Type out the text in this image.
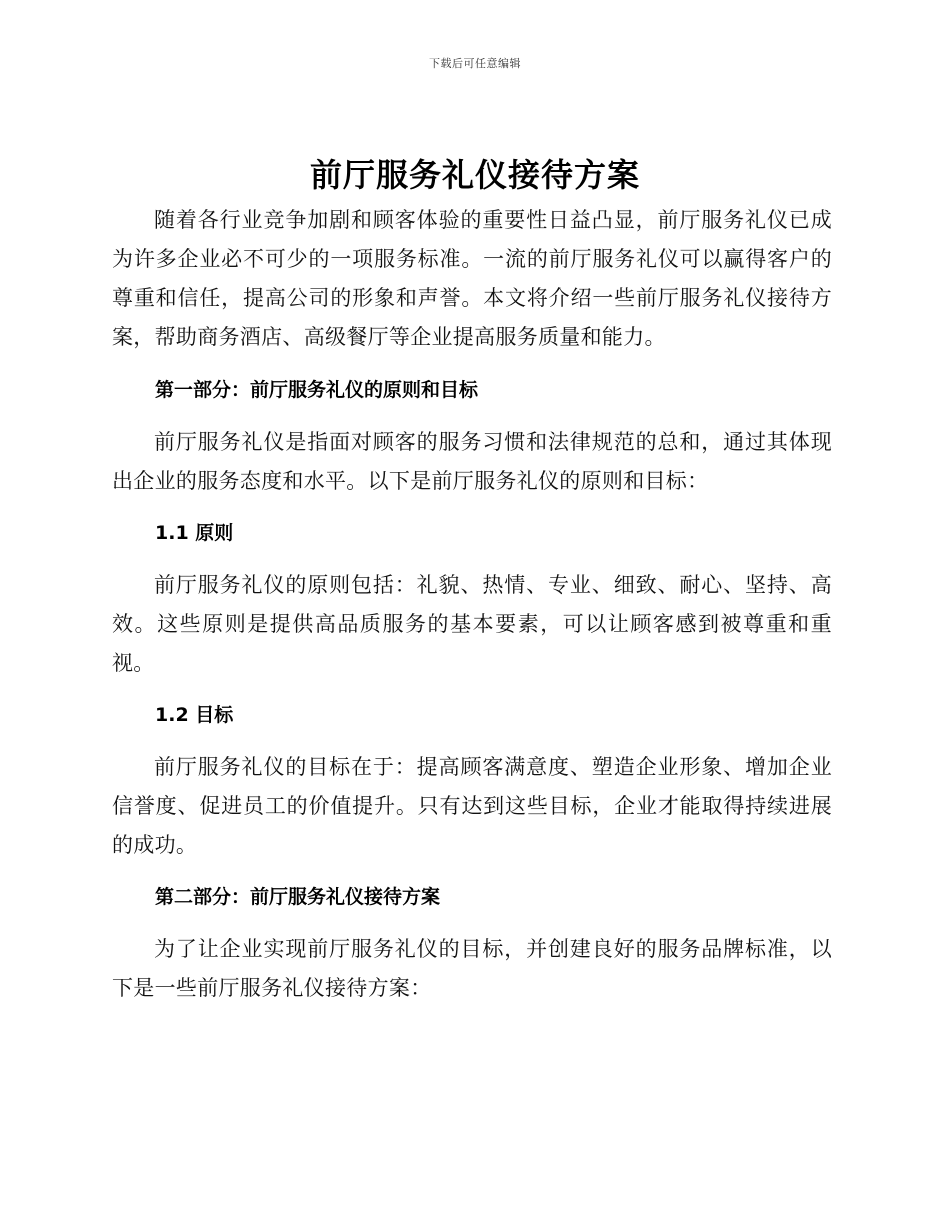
下载后可任意编辑
前厅服务礼仪接待方案

随着各行业竞争加剧和顾客体验的重要性日益凸显，前厅服务礼仪已成为许多企业必不可少的一项服务标准。一流的前厅服务礼仪可以赢得客户的尊重和信任，提高公司的形象和声誉。本文将介绍一些前厅服务礼仪接待方案，帮助商务酒店、高级餐厅等企业提高服务质量和能力。

第一部分：前厅服务礼仪的原则和目标

前厅服务礼仪是指面对顾客的服务习惯和法律规范的总和，通过其体现出企业的服务态度和水平。以下是前厅服务礼仪的原则和目标：

1.1 原则

前厅服务礼仪的原则包括：礼貌、热情、专业、细致、耐心、坚持、高效。这些原则是提供高品质服务的基本要素，可以让顾客感到被尊重和重视。

1.2 目标

前厅服务礼仪的目标在于：提高顾客满意度、塑造企业形象、增加企业信誉度、促进员工的价值提升。只有达到这些目标，企业才能取得持续进展的成功。

第二部分：前厅服务礼仪接待方案

为了让企业实现前厅服务礼仪的目标，并创建良好的服务品牌标准，以下是一些前厅服务礼仪接待方案：
